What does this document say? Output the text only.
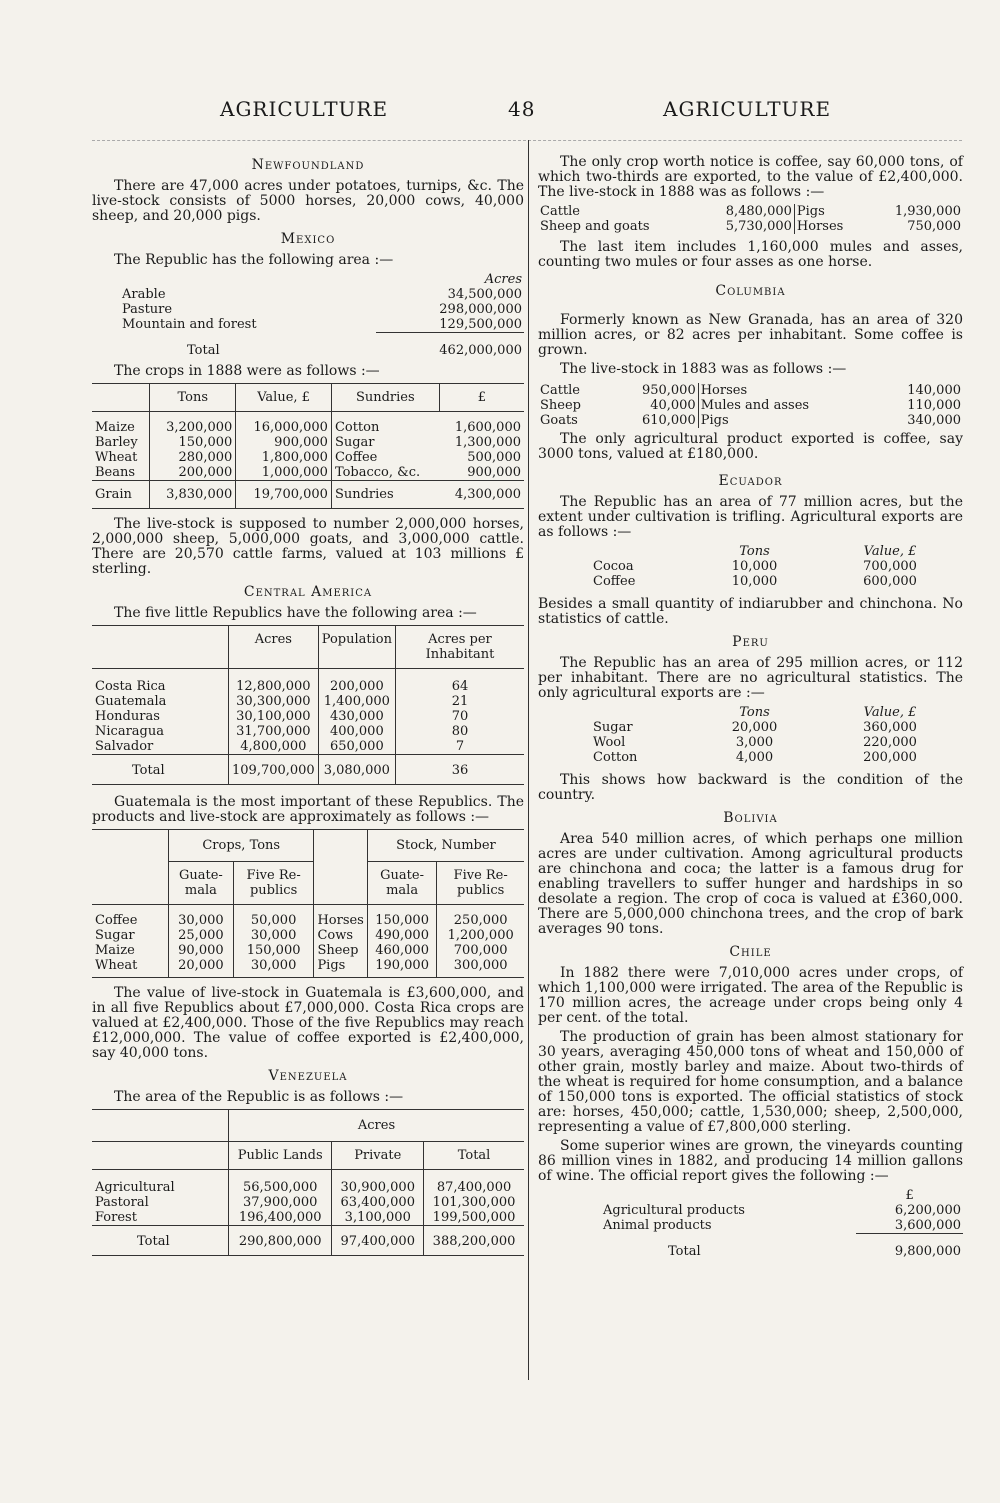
AGRICULTURE	48	AGRICULTURE
Newfoundland

There are 47,000 acres under potatoes, turnips, &c. The live-stock consists of 5000 horses, 20,000 cows, 40,000 sheep, and 20,000 pigs.

Mexico

The Republic has the following area :—

	Acres
Arable	34,500,000
Pasture	298,000,000
Mountain and forest	129,500,000
Total	462,000,000

The crops in 1888 were as follows :—

	Tons	Value, £	Sundries	£
Maize	3,200,000	16,000,000	Cotton	1,600,000
Barley	150,000	900,000	Sugar	1,300,000
Wheat	280,000	1,800,000	Coffee	500,000
Beans	200,000	1,000,000	Tobacco, &c.	900,000
Grain	3,830,000	19,700,000	Sundries	4,300,000

The live-stock is supposed to number 2,000,000 horses, 2,000,000 sheep, 5,000,000 goats, and 3,000,000 cattle. There are 20,570 cattle farms, valued at 103 millions £ sterling.

Central America

The five little Republics have the following area :—

	Acres	Population	Acres per Inhabitant
Costa Rica	12,800,000	200,000	64
Guatemala	30,300,000	1,400,000	21
Honduras	30,100,000	430,000	70
Nicaragua	31,700,000	400,000	80
Salvador	4,800,000	650,000	7
Total	109,700,000	3,080,000	36

Guatemala is the most important of these Republics. The products and live-stock are approximately as follows :—

	Crops, Tons			Stock, Number	
	Guate-mala	Five Re-publics		Guate-mala	Five Re-publics
Coffee	30,000	50,000	Horses	150,000	250,000
Sugar	25,000	30,000	Cows	490,000	1,200,000
Maize	90,000	150,000	Sheep	460,000	700,000
Wheat	20,000	30,000	Pigs	190,000	300,000

The value of live-stock in Guatemala is £3,600,000, and in all five Republics about £7,000,000. Costa Rica crops are valued at £2,400,000. Those of the five Republics may reach £12,000,000. The value of coffee exported is £2,400,000, say 40,000 tons.

Venezuela

The area of the Republic is as follows :—

	Acres		
	Public Lands	Private	Total
Agricultural	56,500,000	30,900,000	87,400,000
Pastoral	37,900,000	63,400,000	101,300,000
Forest	196,400,000	3,100,000	199,500,000
Total	290,800,000	97,400,000	388,200,000

The only crop worth notice is coffee, say 60,000 tons, of which two-thirds are exported, to the value of £2,400,000. The live-stock in 1888 was as follows :—

Cattle	8,480,000	Pigs	1,930,000
Sheep and goats	5,730,000	Horses	750,000

The last item includes 1,160,000 mules and asses, counting two mules or four asses as one horse.

Columbia

Formerly known as New Granada, has an area of 320 million acres, or 82 acres per inhabitant. Some coffee is grown.

The live-stock in 1883 was as follows :—

Cattle	950,000	Horses	140,000
Sheep	40,000	Mules and asses	110,000
Goats	610,000	Pigs	340,000

The only agricultural product exported is coffee, say 3000 tons, valued at £180,000.

Ecuador

The Republic has an area of 77 million acres, but the extent under cultivation is trifling. Agricultural exports are as follows :—

	Tons	Value, £
Cocoa	10,000	700,000
Coffee	10,000	600,000

Besides a small quantity of indiarubber and chinchona. No statistics of cattle.

Peru

The Republic has an area of 295 million acres, or 112 per inhabitant. There are no agricultural statistics. The only agricultural exports are :—

	Tons	Value, £
Sugar	20,000	360,000
Wool	3,000	220,000
Cotton	4,000	200,000

This shows how backward is the condition of the country.

Bolivia

Area 540 million acres, of which perhaps one million acres are under cultivation. Among agricultural products are chinchona and coca; the latter is a famous drug for enabling travellers to suffer hunger and hardships in so desolate a region. The crop of coca is valued at £360,000. There are 5,000,000 chinchona trees, and the crop of bark averages 90 tons.

Chile

In 1882 there were 7,010,000 acres under crops, of which 1,100,000 were irrigated. The area of the Republic is 170 million acres, the acreage under crops being only 4 per cent. of the total.

The production of grain has been almost stationary for 30 years, averaging 450,000 tons of wheat and 150,000 of other grain, mostly barley and maize. About two-thirds of the wheat is required for home consumption, and a balance of 150,000 tons is exported. The official statistics of stock are: horses, 450,000; cattle, 1,530,000; sheep, 2,500,000, representing a value of £7,800,000 sterling.

Some superior wines are grown, the vineyards counting 86 million vines in 1882, and producing 14 million gallons of wine. The official report gives the following :—

	£
Agricultural products	6,200,000
Animal products	3,600,000
Total	9,800,000
